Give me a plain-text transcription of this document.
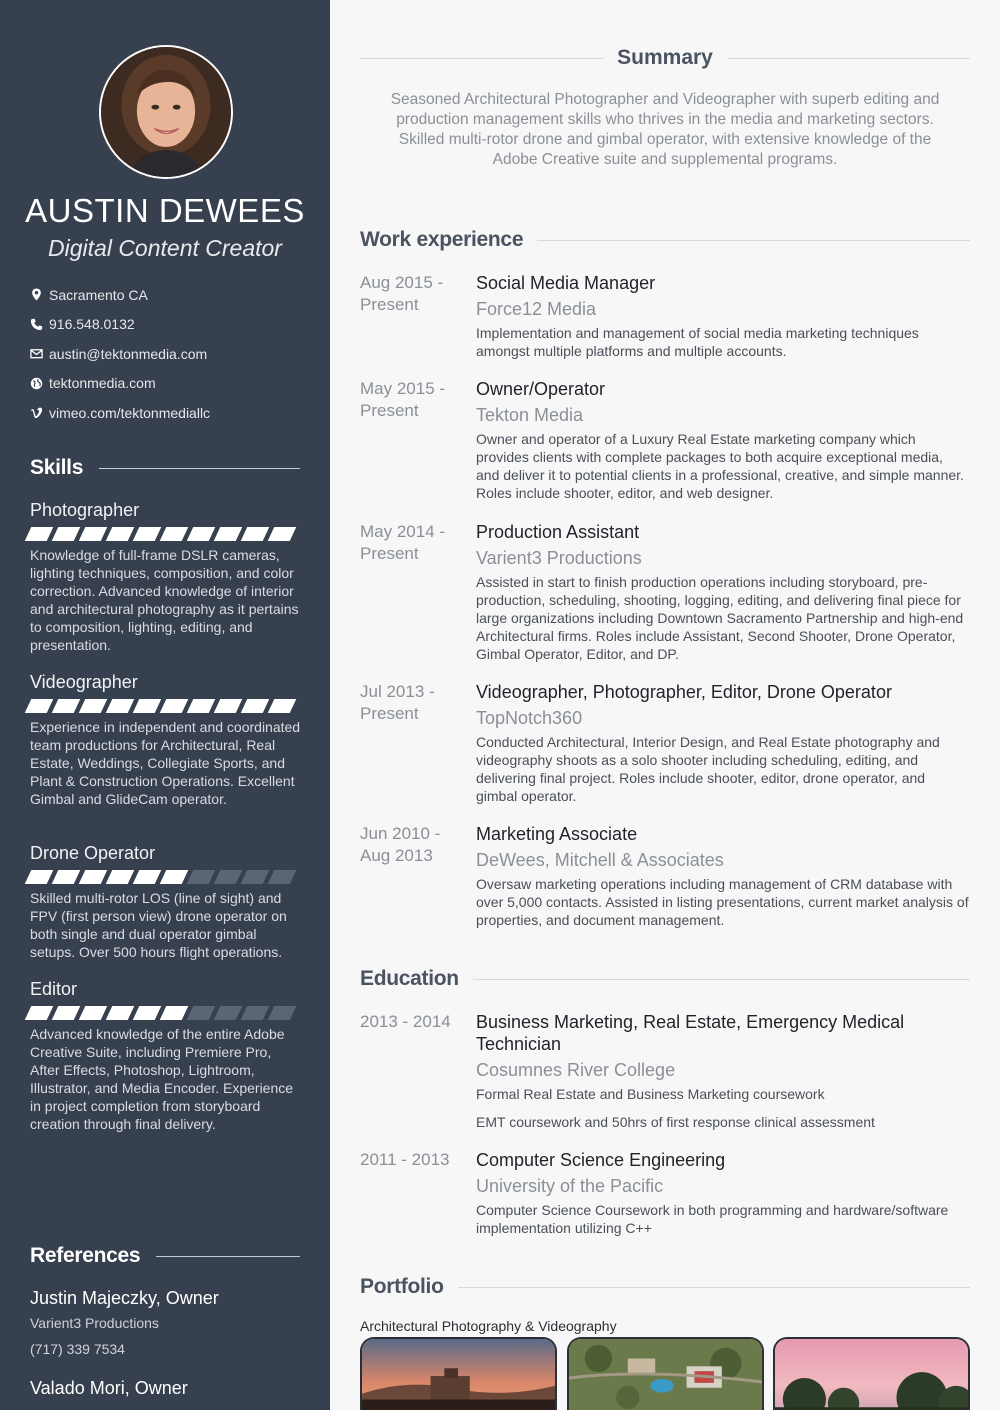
AUSTIN DEWEES
Digital Content Creator
Sacramento CA
916.548.0132
austin@tektonmedia.com
tektonmedia.com
vimeo.com/tektonmediallc
Skills
Photographer
Knowledge of full-frame DSLR cameras, lighting techniques, composition, and color correction. Advanced knowledge of interior and architectural photography as it pertains to composition, lighting, editing, and presentation.
Videographer
Experience in independent and coordinated team productions for Architectural, Real Estate, Weddings, Collegiate Sports, and Plant & Construction Operations. Excellent Gimbal and GlideCam operator.
Drone Operator
Skilled multi-rotor LOS (line of sight) and FPV (first person view) drone operator on both single and dual operator gimbal setups. Over 500 hours flight operations.
Editor
Advanced knowledge of the entire Adobe Creative Suite, including Premiere Pro, After Effects, Photoshop, Lightroom, Illustrator, and Media Encoder. Experience in project completion from storyboard creation through final delivery.
References
Justin Majeczky, Owner
Varient3 Productions
(717) 339 7534
Valado Mori, Owner
Summary
Seasoned Architectural Photographer and Videographer with superb editing and production management skills who thrives in the media and marketing sectors. Skilled multi-rotor drone and gimbal operator, with extensive knowledge of the Adobe Creative suite and supplemental programs.
Work experience
Aug 2015 -
Present
Social Media Manager
Force12 Media
Implementation and management of social media marketing techniques amongst multiple platforms and multiple accounts.
May 2015 -
Present
Owner/Operator
Tekton Media
Owner and operator of a Luxury Real Estate marketing company which provides clients with complete packages to both acquire exceptional media, and deliver it to potential clients in a professional, creative, and simple manner. Roles include shooter, editor, and web designer.
May 2014 -
Present
Production Assistant
Varient3 Productions
Assisted in start to finish production operations including storyboard, pre-production, scheduling, shooting, logging, editing, and delivering final piece for large organizations including Downtown Sacramento Partnership and high-end Architectural firms. Roles include Assistant, Second Shooter, Drone Operator, Gimbal Operator, Editor, and DP.
Jul 2013 -
Present
Videographer, Photographer, Editor, Drone Operator
TopNotch360
Conducted Architectural, Interior Design, and Real Estate photography and videography shoots as a solo shooter including scheduling, editing, and delivering final project. Roles include shooter, editor, drone operator, and gimbal operator.
Jun 2010 -
Aug 2013
Marketing Associate
DeWees, Mitchell & Associates
Oversaw marketing operations including management of CRM database with over 5,000 contacts. Assisted in listing presentations, current market analysis of properties, and document management.
Education
2013 - 2014	Business Marketing, Real Estate, Emergency Medical Technician
Cosumnes River College
Formal Real Estate and Business Marketing coursework
EMT coursework and 50hrs of first response clinical assessment
2011 - 2013	Computer Science Engineering
University of the Pacific
Computer Science Coursework in both programming and hardware/software implementation utilizing C++
Portfolio
Architectural Photography & Videography
